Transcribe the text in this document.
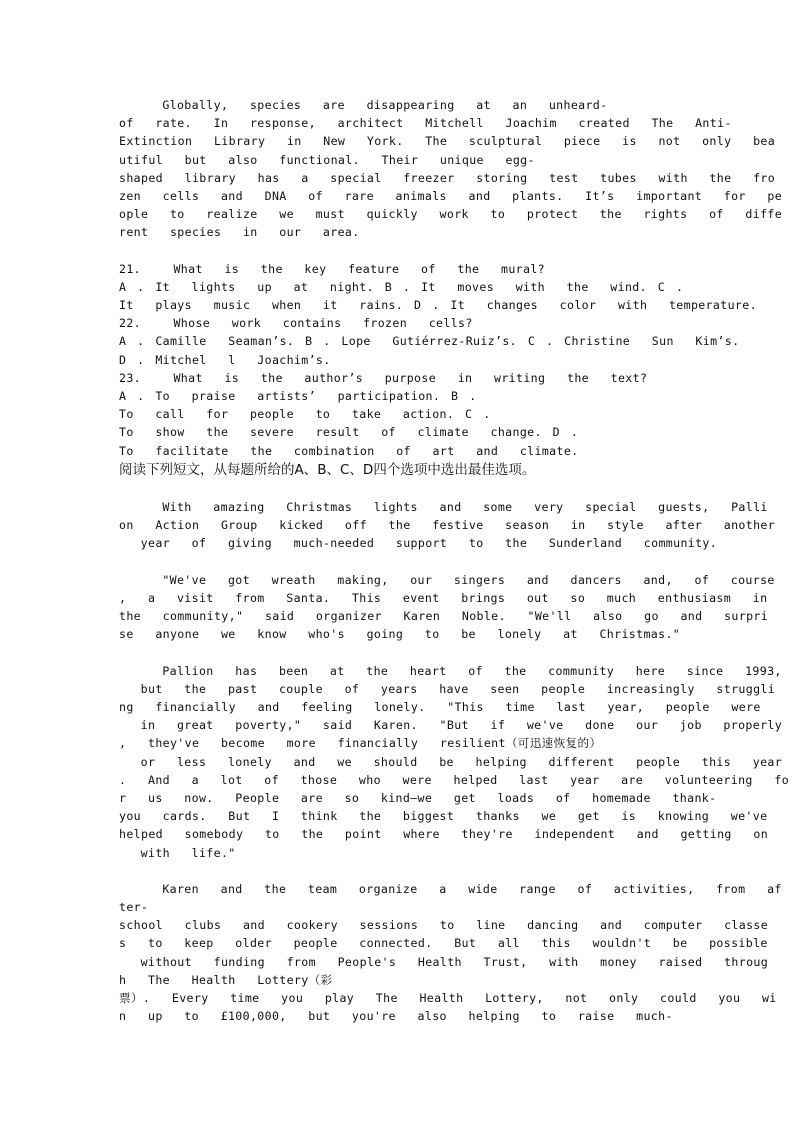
Globally,  species  are  disappearing  at  an  unheard-
of  rate.  In  response,  architect  Mitchell  Joachim  created  The  Anti-
Extinction  Library  in  New  York.  The  sculptural  piece  is  not  only  bea
utiful  but  also  functional.  Their  unique  egg-
shaped  library  has  a  special  freezer  storing  test  tubes  with  the  fro
zen  cells  and  DNA  of  rare  animals  and  plants.  It’s  important  for  pe
ople  to  realize  we  must  quickly  work  to  protect  the  rights  of  diffe
rent  species  in  our  area.
21.   What  is  the  key  feature  of  the  mural?
A . It  lights  up  at  night. B . It  moves  with  the  wind. C .
It  plays  music  when  it  rains. D . It  changes  color  with  temperature.
22.   Whose  work  contains  frozen  cells?
A . Camille  Seaman’s. B . Lope  Gutiérrez-Ruiz’s. C . Christine  Sun  Kim’s.
D . Mitchel  l  Joachim’s.
23.   What  is  the  author’s  purpose  in  writing  the  text?
A . To  praise  artists’  participation. B .
To  call  for  people  to  take  action. C .
To  show  the  severe  result  of  climate  change. D .
To  facilitate  the  combination  of  art  and  climate.
阅读下列短文，从每题所给的A、B、C、D四个选项中选出最佳选项。
With  amazing  Christmas  lights  and  some  very  special  guests,  Palli
on  Action  Group  kicked  off  the  festive  season  in  style  after  another
year  of  giving  much-needed  support  to  the  Sunderland  community.
"We've  got  wreath  making,  our  singers  and  dancers  and,  of  course
,  a  visit  from  Santa.  This  event  brings  out  so  much  enthusiasm  in
the  community,"  said  organizer  Karen  Noble.  "We'll  also  go  and  surpri
se  anyone  we  know  who's  going  to  be  lonely  at  Christmas."
Pallion  has  been  at  the  heart  of  the  community  here  since  1993,
but  the  past  couple  of  years  have  seen  people  increasingly  struggli
ng  financially  and  feeling  lonely.  "This  time  last  year,  people  were
in  great  poverty,"  said  Karen.  "But  if  we've  done  our  job  properly
,  they've  become  more  financially  resilient（可迅速恢复的）
or  less  lonely  and  we  should  be  helping  different  people  this  year
.  And  a  lot  of  those  who  were  helped  last  year  are  volunteering  fo
r  us  now.  People  are  so  kind—we  get  loads  of  homemade  thank-
you  cards.  But  I  think  the  biggest  thanks  we  get  is  knowing  we've
helped  somebody  to  the  point  where  they're  independent  and  getting  on
with  life."
Karen  and  the  team  organize  a  wide  range  of  activities,  from  af
ter-
school  clubs  and  cookery  sessions  to  line  dancing  and  computer  classe
s  to  keep  older  people  connected.  But  all  this  wouldn't  be  possible
without  funding  from  People's  Health  Trust,  with  money  raised  throug
h  The  Health  Lottery（彩
票）.  Every  time  you  play  The  Health  Lottery,  not  only  could  you  wi
n  up  to  £100,000,  but  you're  also  helping  to  raise  much-
